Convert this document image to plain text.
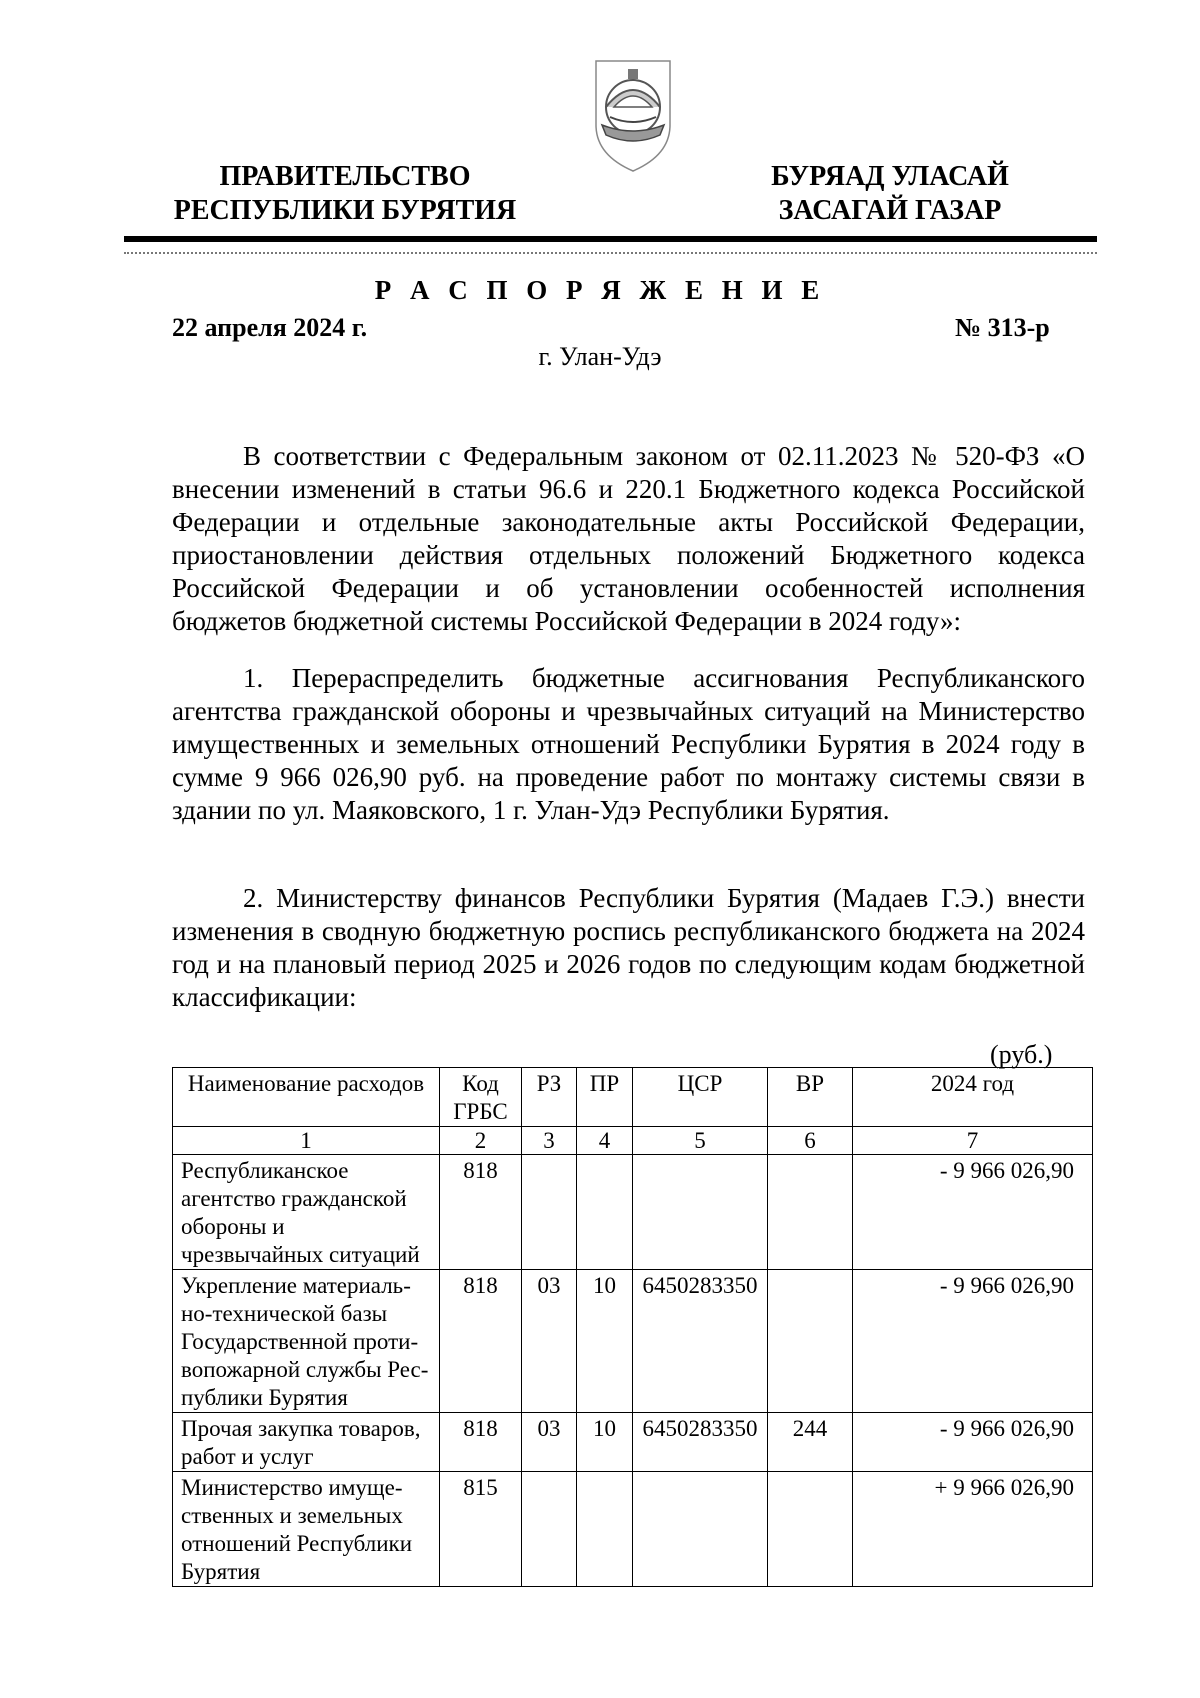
ПРАВИТЕЛЬСТВО
РЕСПУБЛИКИ БУРЯТИЯ
БУРЯАД УЛАСАЙ
ЗАСАГАЙ ГАЗАР
Р А С П О Р Я Ж Е Н И Е
22 апреля 2024 г.	№ 313-р
г. Улан-Удэ

В соответствии с Федеральным законом от 02.11.2023 № 520-ФЗ «О внесении изменений в статьи 96.6 и 220.1 Бюджетного кодекса Российской Федерации и отдельные законодательные акты Российской Федерации, приостановлении действия отдельных положений Бюджетного кодекса Российской Федерации и об установлении особенностей исполнения бюджетов бюджетной системы Российской Федерации в 2024 году»:

1. Перераспределить бюджетные ассигнования Республиканского агентства гражданской обороны и чрезвычайных ситуаций на Министерство имущественных и земельных отношений Республики Бурятия в 2024 году в сумме 9 966 026,90 руб. на проведение работ по монтажу системы связи в здании по ул. Маяковского, 1 г. Улан-Удэ Республики Бурятия.

2. Министерству финансов Республики Бурятия (Мадаев Г.Э.) внести изменения в сводную бюджетную роспись республиканского бюджета на 2024 год и на плановый период 2025 и 2026 годов по следующим кодам бюджетной классификации:

(руб.)
Наименование расходов	Код ГРБС	РЗ	ПР	ЦСР	ВР	2024 год
1	2	3	4	5	6	7
Республиканское агентство гражданской обороны и чрезвычайных ситуаций	818					- 9 966 026,90
Укрепление материально-технической базы Государственной противопожарной службы Республики Бурятия	818	03	10	6450283350		- 9 966 026,90
Прочая закупка товаров, работ и услуг	818	03	10	6450283350	244	- 9 966 026,90
Министерство имущественных и земельных отношений Республики Бурятия	815					+ 9 966 026,90
